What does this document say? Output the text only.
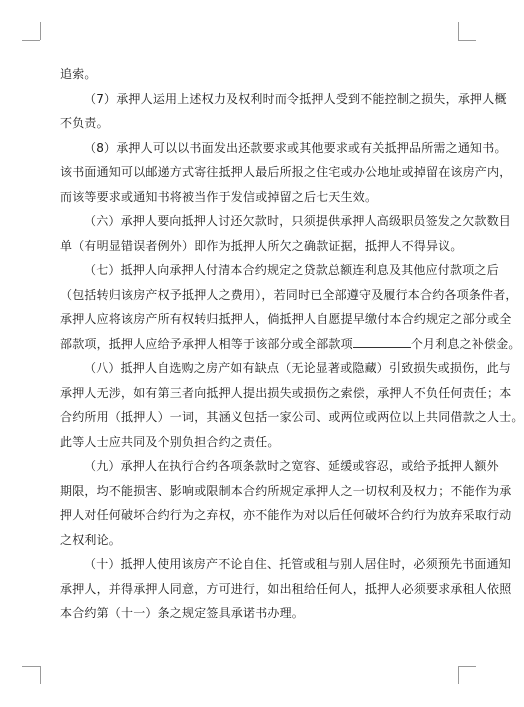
追索。

（7）承押人运用上述权力及权利时而令抵押人受到不能控制之损失，承押人概
不负责。

（8）承押人可以以书面发出还款要求或其他要求或有关抵押品所需之通知书。
该书面通知可以邮递方式寄往抵押人最后所报之住宅或办公地址或掉留在该房产内，
而该等要求或通知书将被当作于发信或掉留之后七天生效。

（六）承押人要向抵押人讨还欠款时，只须提供承押人高级职员签发之欠款数目
单（有明显错误者例外）即作为抵押人所欠之确款证据，抵押人不得异议。

（七）抵押人向承押人付清本合约规定之贷款总额连利息及其他应付款项之后
（包括转归该房产权予抵押人之费用），若同时已全部遵守及履行本合约各项条件者，
承押人应将该房产所有权转归抵押人，倘抵押人自愿提早缴付本合约规定之部分或全
部款项，抵押人应给予承押人相等于该部分或全部款项	个月利息之补偿金。

（八）抵押人自选购之房产如有缺点（无论显著或隐藏）引致损失或损伤，此与
承押人无涉，如有第三者向抵押人提出损失或损伤之索偿，承押人不负任何责任；本
合约所用（抵押人）一词，其涵义包括一家公司、或两位或两位以上共同借款之人士。
此等人士应共同及个别负担合约之责任。

（九）承押人在执行合约各项条款时之宽容、延缓或容忍，或给予抵押人额外
期限，均不能损害、影响或限制本合约所规定承押人之一切权利及权力；不能作为承
押人对任何破坏合约行为之弃权，亦不能作为对以后任何破坏合约行为放弃采取行动
之权利论。

（十）抵押人使用该房产不论自住、托管或租与别人居住时，必须预先书面通知
承押人，并得承押人同意，方可进行，如出租给任何人，抵押人必须要求承租人依照
本合约第（十一）条之规定签具承诺书办理。
